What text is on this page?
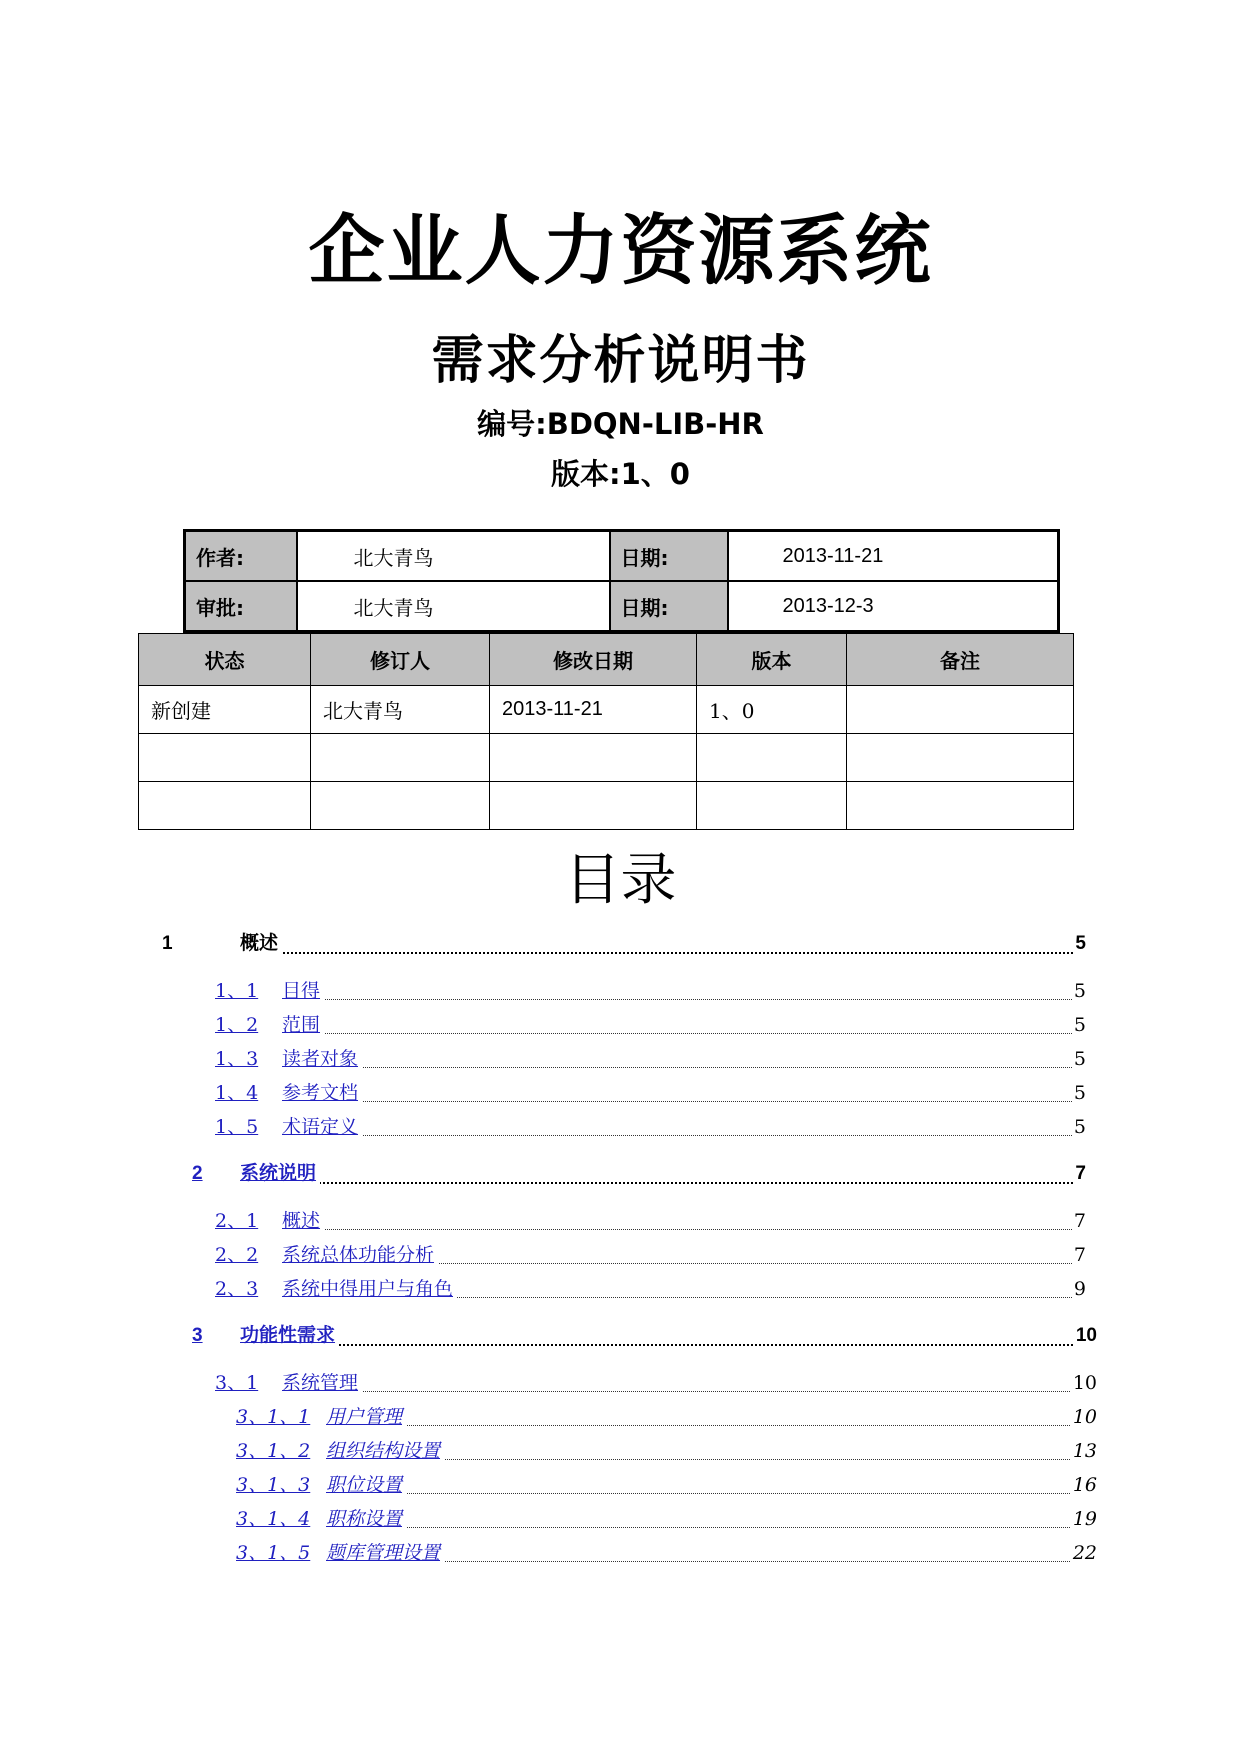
企业人力资源系统
需求分析说明书
编号:BDQN-LIB-HR
版本:1、0
作者:	北大青鸟	日期:	2013-11-21
审批:	北大青鸟	日期:	2013-12-3
状态	修订人	修改日期	版本	备注
新创建	北大青鸟	2013-11-21	1、0	

目录
1	概述	5
1、1 目得	5
1、2 范围	5
1、3 读者对象	5
1、4 参考文档	5
1、5 术语定义	5
2 系统说明	7
2、1 概述	7
2、2 系统总体功能分析	7
2、3 系统中得用户与角色	9
3 功能性需求	10
3、1 系统管理	10
3、1、1 用户管理	10
3、1、2 组织结构设置	13
3、1、3 职位设置	16
3、1、4 职称设置	19
3、1、5 题库管理设置	22
